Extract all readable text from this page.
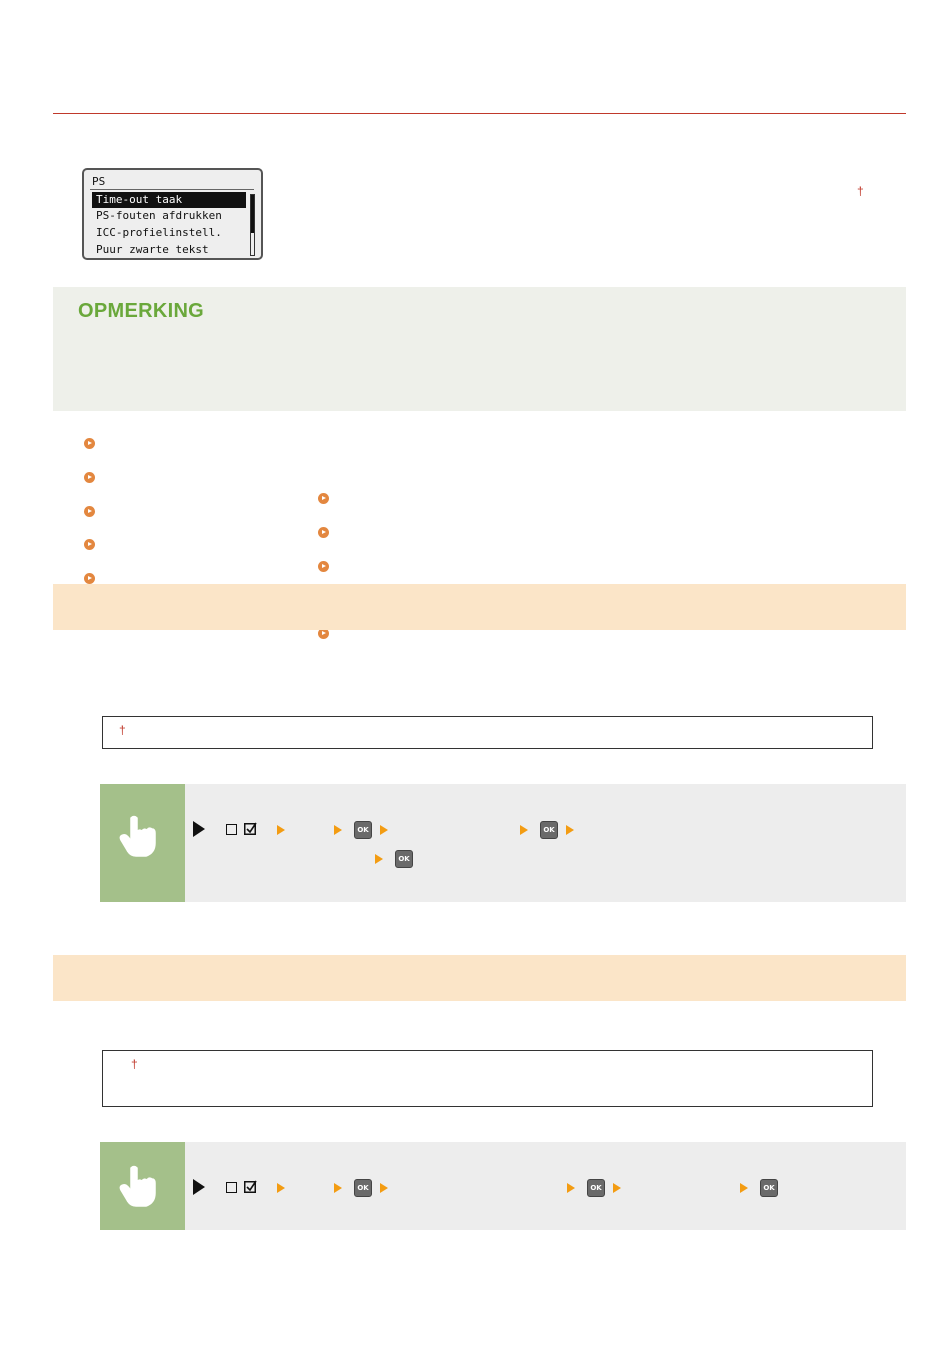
PS
Time-out taak
PS-fouten afdrukken
ICC-profielinstell.
Puur zwarte tekst
†
OPMERKING
†
OK	OK
OK
†
OK	OK	OK
